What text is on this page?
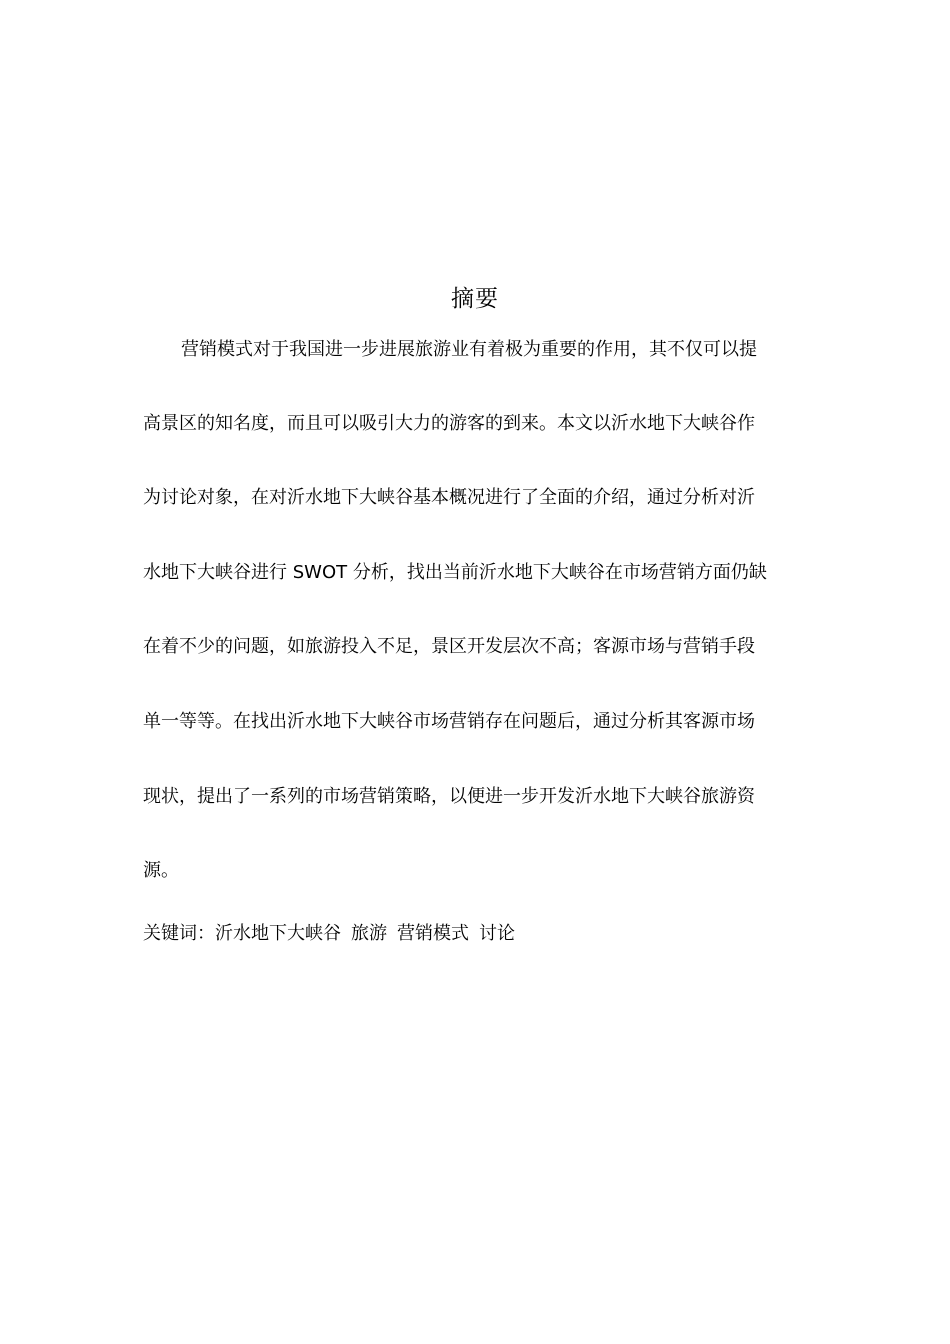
摘要
营销模式对于我国进一步进展旅游业有着极为重要的作用，其不仅可以提
高景区的知名度，而且可以吸引大力的游客的到来。本文以沂水地下大峡谷作
为讨论对象，在对沂水地下大峡谷基本概况进行了全面的介绍，通过分析对沂
水地下大峡谷进行 SWOT 分析，找出当前沂水地下大峡谷在市场营销方面仍缺
在着不少的问题，如旅游投入不足，景区开发层次不高；客源市场与营销手段
单一等等。在找出沂水地下大峡谷市场营销存在问题后，通过分析其客源市场
现状，提出了一系列的市场营销策略，以便进一步开发沂水地下大峡谷旅游资
源。
关键词：沂水地下大峡谷 旅游 营销模式 讨论
